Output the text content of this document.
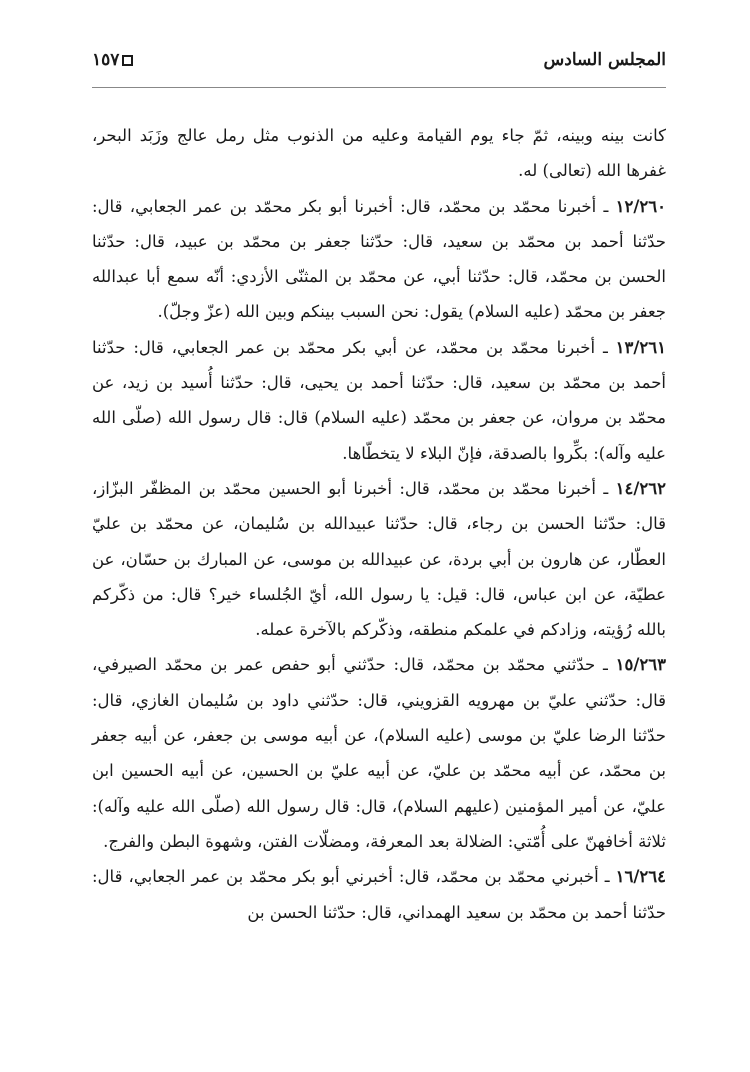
المجلس السادس
١٥٧

كانت بينه وبينه، ثمّ جاء يوم القيامة وعليه من الذنوب مثل رمل عالج وزَبَد البحر، غفرها الله (تعالى) له.

١٢/٢٦٠ ـ أخبرنا محمّد بن محمّد، قال: أخبرنا أبو بكر محمّد بن عمر الجعابي، قال: حدّثنا أحمد بن محمّد بن سعيد، قال: حدّثنا جعفر بن محمّد بن عبيد، قال: حدّثنا الحسن بن محمّد، قال: حدّثنا أبي، عن محمّد بن المثنّى الأزدي: أنّه سمع أبا عبدالله جعفر بن محمّد (عليه السلام) يقول: نحن السبب بينكم وبين الله (عزّ وجلّ).

١٣/٢٦١ ـ أخبرنا محمّد بن محمّد، عن أبي بكر محمّد بن عمر الجعابي، قال: حدّثنا أحمد بن محمّد بن سعيد، قال: حدّثنا أحمد بن يحيى، قال: حدّثنا أُسيد بن زيد، عن محمّد بن مروان، عن جعفر بن محمّد (عليه السلام) قال: قال رسول الله (صلّى الله عليه وآله): بكِّروا بالصدقة، فإنّ البلاء لا يتخطّاها.

١٤/٢٦٢ ـ أخبرنا محمّد بن محمّد، قال: أخبرنا أبو الحسين محمّد بن المظفّر البزّاز، قال: حدّثنا الحسن بن رجاء، قال: حدّثنا عبيدالله بن سُليمان، عن محمّد بن عليّ العطّار، عن هارون بن أبي بردة، عن عبيدالله بن موسى، عن المبارك بن حسّان، عن عطيّة، عن ابن عباس، قال: قيل: يا رسول الله، أيّ الجُلساء خير؟ قال: من ذكّركم بالله رُؤيته، وزادكم في علمكم منطقه، وذكّركم بالآخرة عمله.

١٥/٢٦٣ ـ حدّثني محمّد بن محمّد، قال: حدّثني أبو حفص عمر بن محمّد الصيرفي، قال: حدّثني عليّ بن مهرويه القزويني، قال: حدّثني داود بن سُليمان الغازي، قال: حدّثنا الرضا عليّ بن موسى (عليه السلام)، عن أبيه موسى بن جعفر، عن أبيه جعفر بن محمّد، عن أبيه محمّد بن عليّ، عن أبيه عليّ بن الحسين، عن أبيه الحسين ابن عليّ، عن أمير المؤمنين (عليهم السلام)، قال: قال رسول الله (صلّى الله عليه وآله): ثلاثة أخافهنّ على أُمّتي: الضلالة بعد المعرفة، ومضلّات الفتن، وشهوة البطن والفرج.

١٦/٢٦٤ ـ أخبرني محمّد بن محمّد، قال: أخبرني أبو بكر محمّد بن عمر الجعابي، قال: حدّثنا أحمد بن محمّد بن سعيد الهمداني، قال: حدّثنا الحسن بن
